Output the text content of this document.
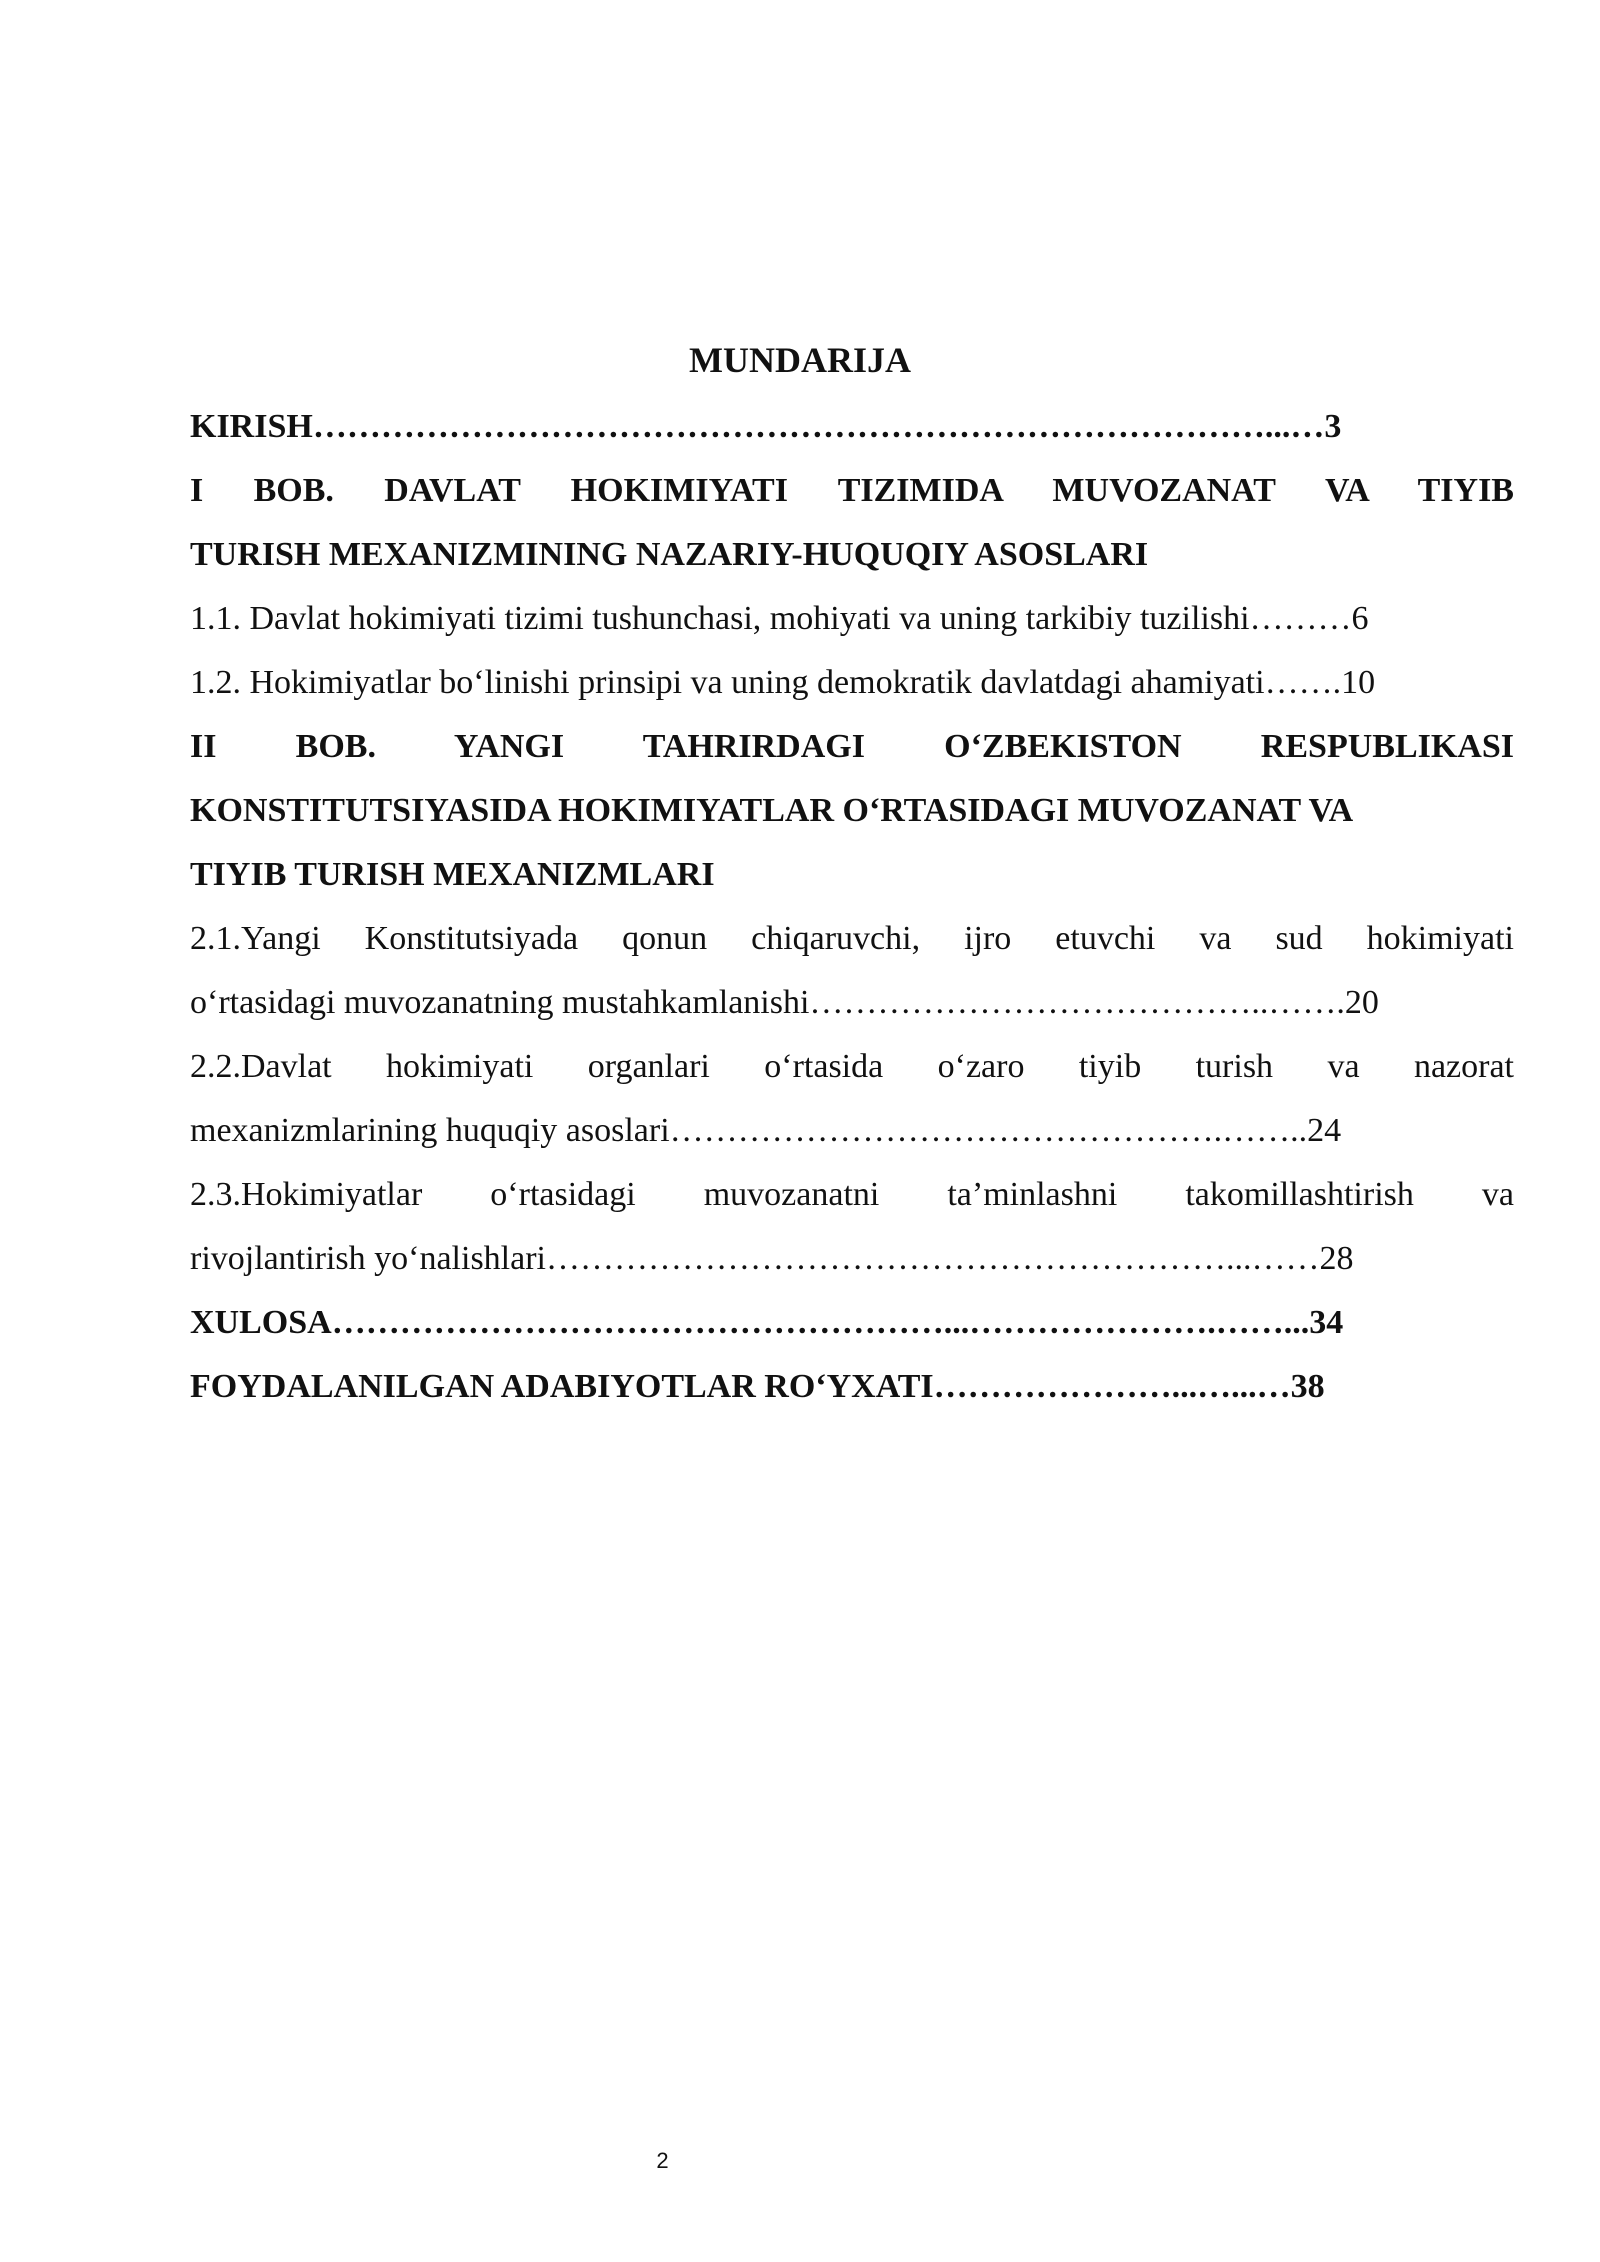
MUNDARIJA
KIRISH…………………………………………………………………………...…3
I BOB. DAVLAT HOKIMIYATI TIZIMIDA MUVOZANAT VA TIYIB
TURISH MEXANIZMINING NAZARIY-HUQUQIY ASOSLARI
1.1. Davlat hokimiyati tizimi tushunchasi, mohiyati va uning tarkibiy tuzilishi………6
1.2. Hokimiyatlar bo‘linishi prinsipi va uning demokratik davlatdagi ahamiyati…….10
II BOB. YANGI TAHRIRDAGI O‘ZBEKISTON RESPUBLIKASI
KONSTITUTSIYASIDA HOKIMIYATLAR O‘RTASIDAGI MUVOZANAT VA
TIYIB TURISH MEXANIZMLARI
2.1.Yangi Konstitutsiyada qonun chiqaruvchi, ijro etuvchi va sud hokimiyati
o‘rtasidagi muvozanatning mustahkamlanishi…………………………………..…….20
2.2.Davlat hokimiyati organlari o‘rtasida o‘zaro tiyib turish va nazorat
mexanizmlarining huquqiy asoslari………………………………………….……..24
2.3.Hokimiyatlar o‘rtasidagi muvozanatni ta’minlashni takomillashtirish va
rivojlantirish yo‘nalishlari……………………………………………………...……28
XULOSA………………………………………………...………………….……...34
FOYDALANILGAN ADABIYOTLAR RO‘YXATI…………………...…...…38
2
